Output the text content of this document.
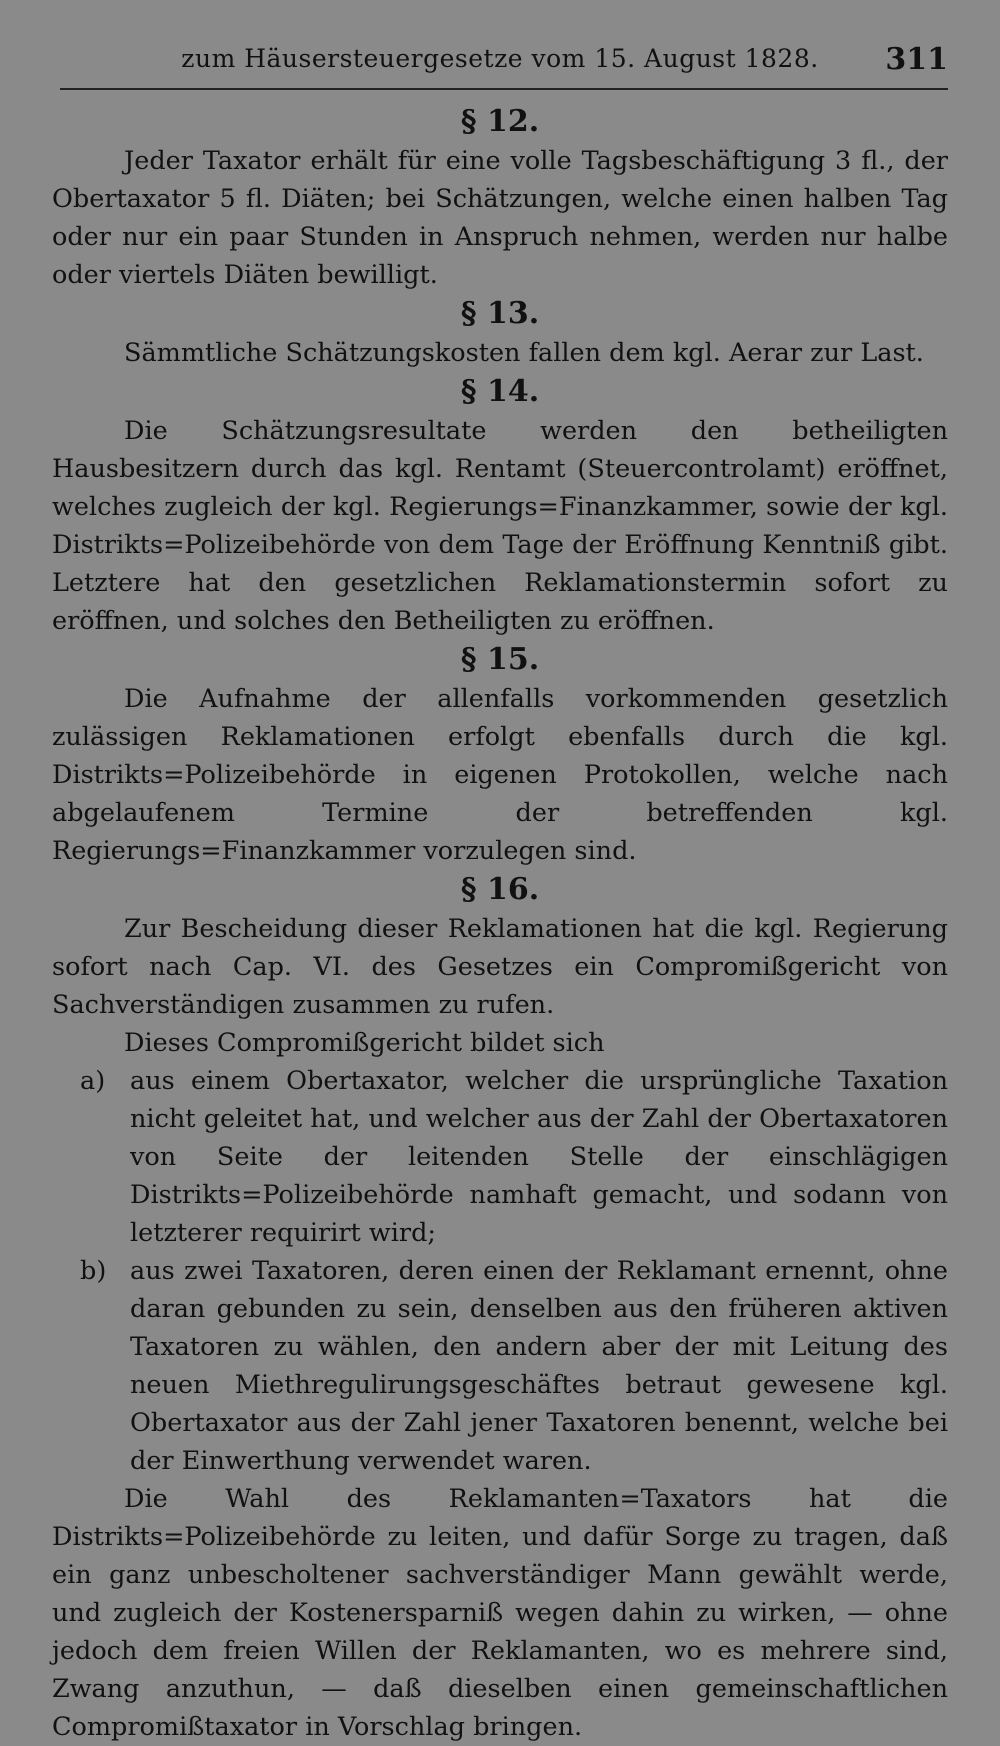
zum Häusersteuergesetze vom 15. August 1828.	311
§ 12.

Jeder Taxator erhält für eine volle Tagsbeschäftigung 3 fl., der Obertaxator 5 fl. Diäten; bei Schätzungen, welche einen halben Tag oder nur ein paar Stunden in Anspruch nehmen, werden nur halbe oder viertels Diäten bewilligt.

§ 13.

Sämmtliche Schätzungskosten fallen dem kgl. Aerar zur Last.

§ 14.

Die Schätzungsresultate werden den betheiligten Hausbesitzern durch das kgl. Rentamt (Steuercontrolamt) eröffnet, welches zugleich der kgl. Regierungs=Finanzkammer, sowie der kgl. Distrikts=Polizeibehörde von dem Tage der Eröffnung Kenntniß gibt. Letztere hat den gesetzlichen Reklamationstermin sofort zu eröffnen, und solches den Betheiligten zu eröffnen.

§ 15.

Die Aufnahme der allenfalls vorkommenden gesetzlich zulässigen Reklamationen erfolgt ebenfalls durch die kgl. Distrikts=Polizeibehörde in eigenen Protokollen, welche nach abgelaufenem Termine der betreffenden kgl. Regierungs=Finanzkammer vorzulegen sind.

§ 16.

Zur Bescheidung dieser Reklamationen hat die kgl. Regierung sofort nach Cap. VI. des Gesetzes ein Compromißgericht von Sachverständigen zusammen zu rufen.

Dieses Compromißgericht bildet sich

a) aus einem Obertaxator, welcher die ursprüngliche Taxation nicht geleitet hat, und welcher aus der Zahl der Obertaxatoren von Seite der leitenden Stelle der einschlägigen Distrikts=Polizeibehörde namhaft gemacht, und sodann von letzterer requirirt wird;
b) aus zwei Taxatoren, deren einen der Reklamant ernennt, ohne daran gebunden zu sein, denselben aus den früheren aktiven Taxatoren zu wählen, den andern aber der mit Leitung des neuen Miethregulirungsgeschäftes betraut gewesene kgl. Obertaxator aus der Zahl jener Taxatoren benennt, welche bei der Einwerthung verwendet waren.

Die Wahl des Reklamanten=Taxators hat die Distrikts=Polizeibehörde zu leiten, und dafür Sorge zu tragen, daß ein ganz unbescholtener sachverständiger Mann gewählt werde, und zugleich der Kostenersparniß wegen dahin zu wirken, — ohne jedoch dem freien Willen der Reklamanten, wo es mehrere sind, Zwang anzuthun, — daß dieselben einen gemeinschaftlichen Compromißtaxator in Vorschlag bringen.
